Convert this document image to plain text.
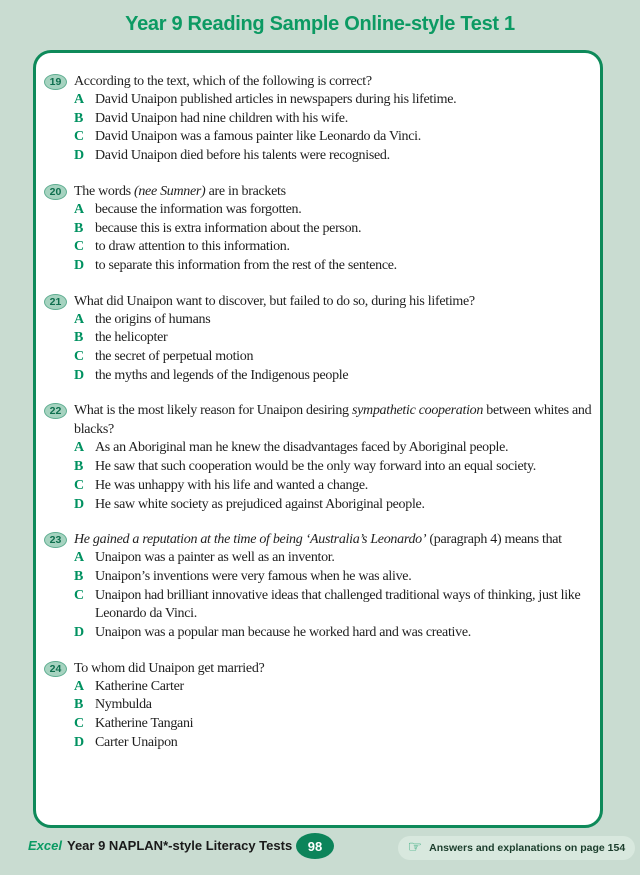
Year 9 Reading Sample Online-style Test 1
19 According to the text, which of the following is correct?

A David Unaipon published articles in newspapers during his lifetime.
B David Unaipon had nine children with his wife.
C David Unaipon was a famous painter like Leonardo da Vinci.
D David Unaipon died before his talents were recognised.
20 The words (nee Sumner) are in brackets

A because the information was forgotten.
B because this is extra information about the person.
C to draw attention to this information.
D to separate this information from the rest of the sentence.
21 What did Unaipon want to discover, but failed to do so, during his lifetime?

A the origins of humans
B the helicopter
C the secret of perpetual motion
D the myths and legends of the Indigenous people
22 What is the most likely reason for Unaipon desiring sympathetic cooperation between whites and blacks?

A As an Aboriginal man he knew the disadvantages faced by Aboriginal people.
B He saw that such cooperation would be the only way forward into an equal society.
C He was unhappy with his life and wanted a change.
D He saw white society as prejudiced against Aboriginal people.
23 He gained a reputation at the time of being ‘Australia’s Leonardo’ (paragraph 4) means that

A Unaipon was a painter as well as an inventor.
B Unaipon’s inventions were very famous when he was alive.
C Unaipon had brilliant innovative ideas that challenged traditional ways of thinking, just like Leonardo da Vinci.
D Unaipon was a popular man because he worked hard and was creative.
24 To whom did Unaipon get married?

A Katherine Carter
B Nymbulda
C Katherine Tangani
D Carter Unaipon
Excel Year 9 NAPLAN*-style Literacy Tests	98	☞ Answers and explanations on page 154
